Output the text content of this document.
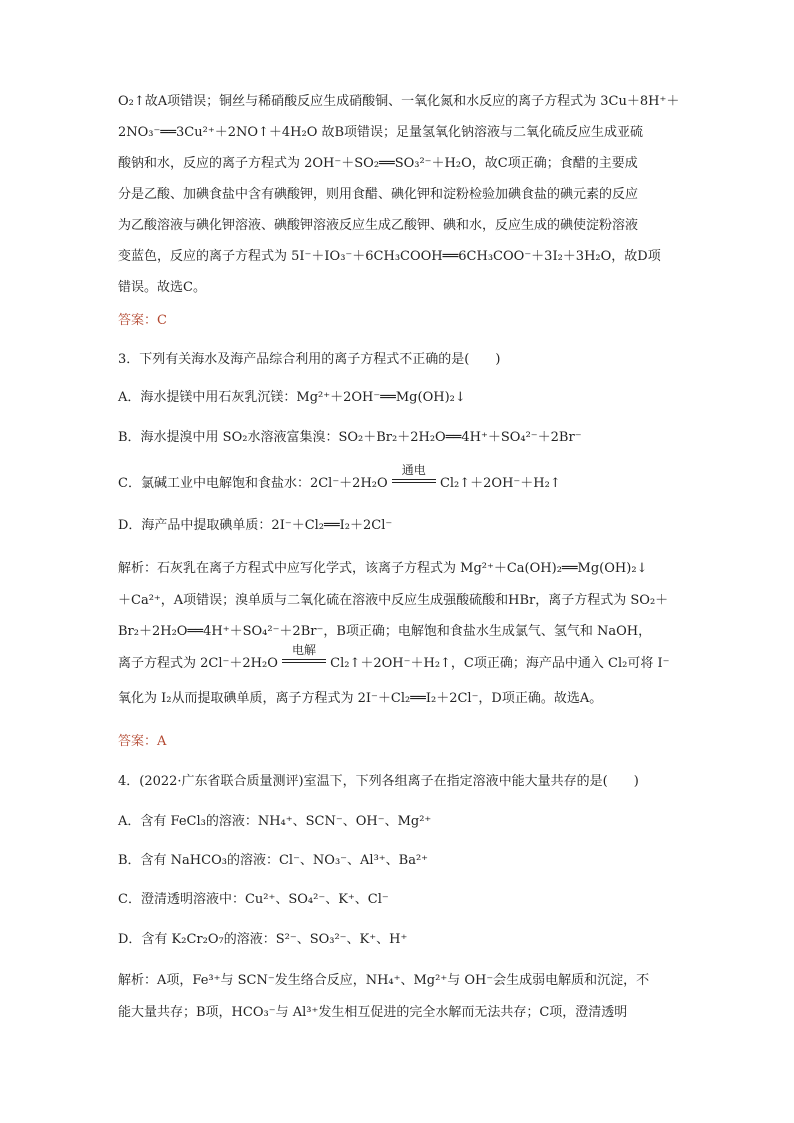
O₂↑故A项错误；铜丝与稀硝酸反应生成硝酸铜、一氧化氮和水反应的离子方程式为 3Cu＋8H⁺＋
2NO₃⁻══3Cu²⁺＋2NO↑＋4H₂O 故B项错误；足量氢氧化钠溶液与二氧化硫反应生成亚硫
酸钠和水，反应的离子方程式为 2OH⁻＋SO₂══SO₃²⁻＋H₂O，故C项正确；食醋的主要成
分是乙酸、加碘食盐中含有碘酸钾，则用食醋、碘化钾和淀粉检验加碘食盐的碘元素的反应
为乙酸溶液与碘化钾溶液、碘酸钾溶液反应生成乙酸钾、碘和水，反应生成的碘使淀粉溶液
变蓝色，反应的离子方程式为 5I⁻＋IO₃⁻＋6CH₃COOH══6CH₃COO⁻＋3I₂＋3H₂O，故D项
错误。故选C。
答案：C
3．下列有关海水及海产品综合利用的离子方程式不正确的是(　　)
A．海水提镁中用石灰乳沉镁：Mg²⁺＋2OH⁻══Mg(OH)₂↓
B．海水提溴中用 SO₂水溶液富集溴：SO₂＋Br₂＋2H₂O══4H⁺＋SO₄²⁻＋2Br⁻
C．氯碱工业中电解饱和食盐水：2Cl⁻＋2H₂O
通电
Cl₂↑＋2OH⁻＋H₂↑
D．海产品中提取碘单质：2I⁻＋Cl₂══I₂＋2Cl⁻
解析：石灰乳在离子方程式中应写化学式，该离子方程式为 Mg²⁺＋Ca(OH)₂══Mg(OH)₂↓
＋Ca²⁺，A项错误；溴单质与二氧化硫在溶液中反应生成强酸硫酸和HBr，离子方程式为 SO₂＋
Br₂＋2H₂O══4H⁺＋SO₄²⁻＋2Br⁻，B项正确；电解饱和食盐水生成氯气、氢气和 NaOH，
离子方程式为 2Cl⁻＋2H₂O
电解
Cl₂↑＋2OH⁻＋H₂↑，C项正确；海产品中通入 Cl₂可将 I⁻
氧化为 I₂从而提取碘单质，离子方程式为 2I⁻＋Cl₂══I₂＋2Cl⁻，D项正确。故选A。
答案：A
4．(2022·广东省联合质量测评)室温下，下列各组离子在指定溶液中能大量共存的是(　　)
A．含有 FeCl₃的溶液：NH₄⁺、SCN⁻、OH⁻、Mg²⁺
B．含有 NaHCO₃的溶液：Cl⁻、NO₃⁻、Al³⁺、Ba²⁺
C．澄清透明溶液中：Cu²⁺、SO₄²⁻、K⁺、Cl⁻
D．含有 K₂Cr₂O₇的溶液：S²⁻、SO₃²⁻、K⁺、H⁺
解析：A项，Fe³⁺与 SCN⁻发生络合反应，NH₄⁺、Mg²⁺与 OH⁻会生成弱电解质和沉淀，不
能大量共存；B项，HCO₃⁻与 Al³⁺发生相互促进的完全水解而无法共存；C项，澄清透明
